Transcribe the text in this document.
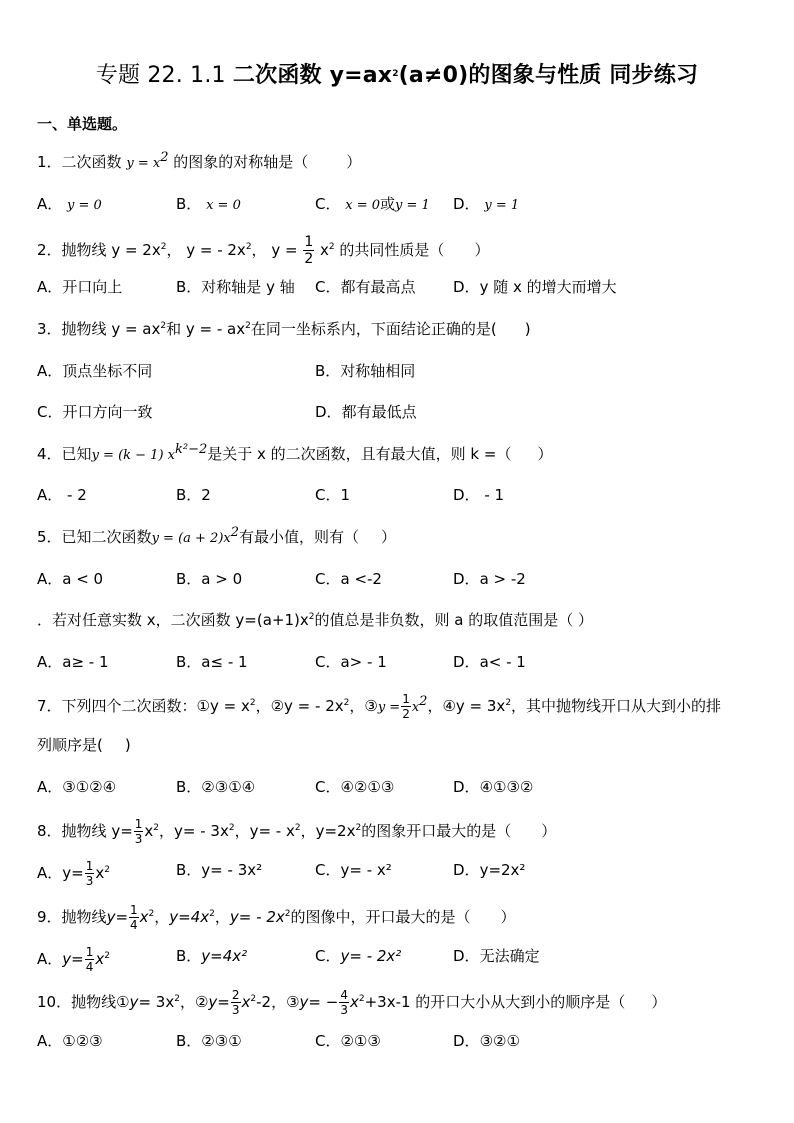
专题 22. 1.1 二次函数 $y=ax^2(a\ne 0)$的图象与性质 同步练习
一、单选题。
1．二次函数 $y = x^2$ 的图象的对称轴是（	）
A． y = 0	B． x = 0	C． x = 0或y = 1 D． y = 1
2．抛物线 $y = 2x^2$， y = - $2x^2$， $y = \frac{1}{2} x^2$ 的共同性质是（ ）
A．开口向上	B．对称轴是 y 轴 C．都有最高点	D．y 随 x 的增大而增大
3．抛物线 $y = ax^2$和 y = - $ax^2$在同一坐标系内，下面结论正确的是( )
A．顶点坐标不同	B．对称轴相同
C．开口方向一致	D．都有最低点
4．已知y = (k − 1) $x^{k^2-2}$是关于 x 的二次函数，且有最大值，则 k =（ ）
A． - 2	B．2	C．1	D． - 1
5．已知二次函数$y = (a + 2)x^2$有最小值，则有（ ）
A．a < 0	B．a > 0	C．a <-2	D．a > -2
．若对任意实数 x，二次函数 $y=(a+1)x^2$的值总是非负数，则 a 的取值范围是（ ）
A．a≥ - 1	B．a≤ - 1	C．a> - 1	D．a< - 1
7．下列四个二次函数：①y = $x^2$，②y = - $2x^2$，③y = $\frac{1}{2} x^2$，④y = $3x^2$，其中抛物线开口从大到小的排
列顺序是( )
A．③①②④	B．②③①④	C．④②①③	D．④①③②
8．抛物线 $y= \frac{1}{3} x^2$，$y= - 3x^2$，$y= - x^2$，$y=2x^2$的图象开口最大的是（ ）
A．$y= \frac{1}{3} x^2$	B．y= - 3x²	C．y= - x²	D．y=2x²
9．抛物线$y= \frac{1}{4} x^2$，$y=4x^2$，$y= - 2x^2$的图像中，开口最大的是（ ）
A．$y= \frac{1}{4} x^2$	B．y=4x²	C．y= - 2x²	D．无法确定
10．抛物线①y= $3x^2$，②y= $\frac{2}{3} x^2-2$，③y= − $\frac{4}{3} x^2+3x-1$ 的开口大小从大到小的顺序是（ ）
A．①②③	B．②③①	C．②①③	D．③②①
